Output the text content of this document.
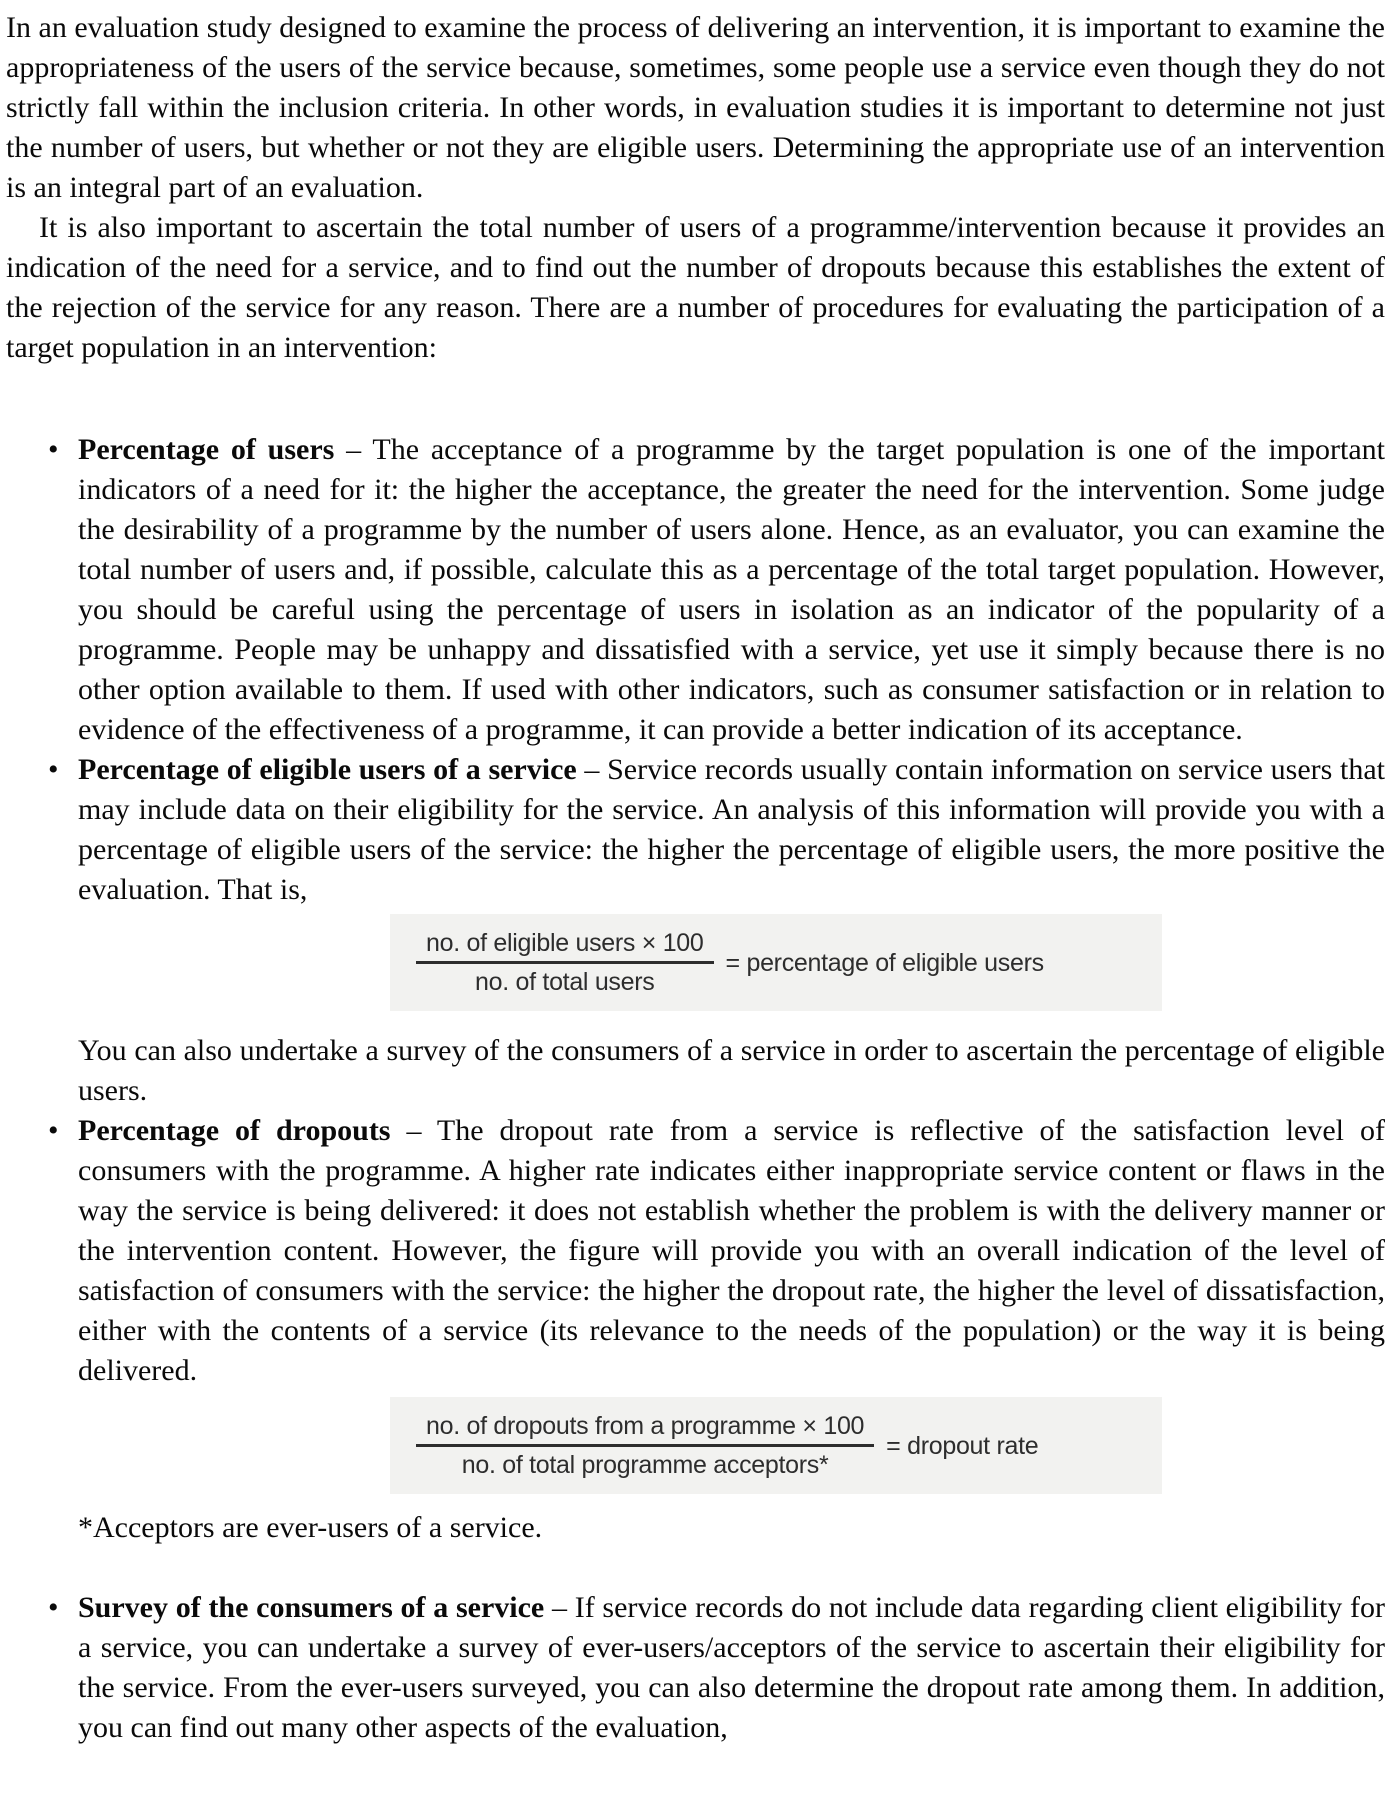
In an evaluation study designed to examine the process of delivering an intervention, it is important to examine the appropriateness of the users of the service because, sometimes, some people use a service even though they do not strictly fall within the inclusion criteria. In other words, in evaluation studies it is important to determine not just the number of users, but whether or not they are eligible users. Determining the appropriate use of an intervention is an integral part of an evaluation.

It is also important to ascertain the total number of users of a programme/intervention because it provides an indication of the need for a service, and to find out the number of dropouts because this establishes the extent of the rejection of the service for any reason. There are a number of procedures for evaluating the participation of a target population in an intervention:

• Percentage of users – The acceptance of a programme by the target population is one of the important indicators of a need for it: the higher the acceptance, the greater the need for the intervention. Some judge the desirability of a programme by the number of users alone. Hence, as an evaluator, you can examine the total number of users and, if possible, calculate this as a percentage of the total target population. However, you should be careful using the percentage of users in isolation as an indicator of the popularity of a programme. People may be unhappy and dissatisfied with a service, yet use it simply because there is no other option available to them. If used with other indicators, such as consumer satisfaction or in relation to evidence of the effectiveness of a programme, it can provide a better indication of its acceptance.

• Percentage of eligible users of a service – Service records usually contain information on service users that may include data on their eligibility for the service. An analysis of this information will provide you with a percentage of eligible users of the service: the higher the percentage of eligible users, the more positive the evaluation. That is,

$\frac{\text{no. of eligible users × 100}}{\text{no. of total users}}$ = percentage of eligible users

You can also undertake a survey of the consumers of a service in order to ascertain the percentage of eligible users.

• Percentage of dropouts – The dropout rate from a service is reflective of the satisfaction level of consumers with the programme. A higher rate indicates either inappropriate service content or flaws in the way the service is being delivered: it does not establish whether the problem is with the delivery manner or the intervention content. However, the figure will provide you with an overall indication of the level of satisfaction of consumers with the service: the higher the dropout rate, the higher the level of dissatisfaction, either with the contents of a service (its relevance to the needs of the population) or the way it is being delivered.

$\frac{\text{no. of dropouts from a programme × 100}}{\text{no. of total programme acceptors*}}$ = dropout rate

*Acceptors are ever-users of a service.

• Survey of the consumers of a service – If service records do not include data regarding client eligibility for a service, you can undertake a survey of ever-users/acceptors of the service to ascertain their eligibility for the service. From the ever-users surveyed, you can also determine the dropout rate among them. In addition, you can find out many other aspects of the evaluation,
